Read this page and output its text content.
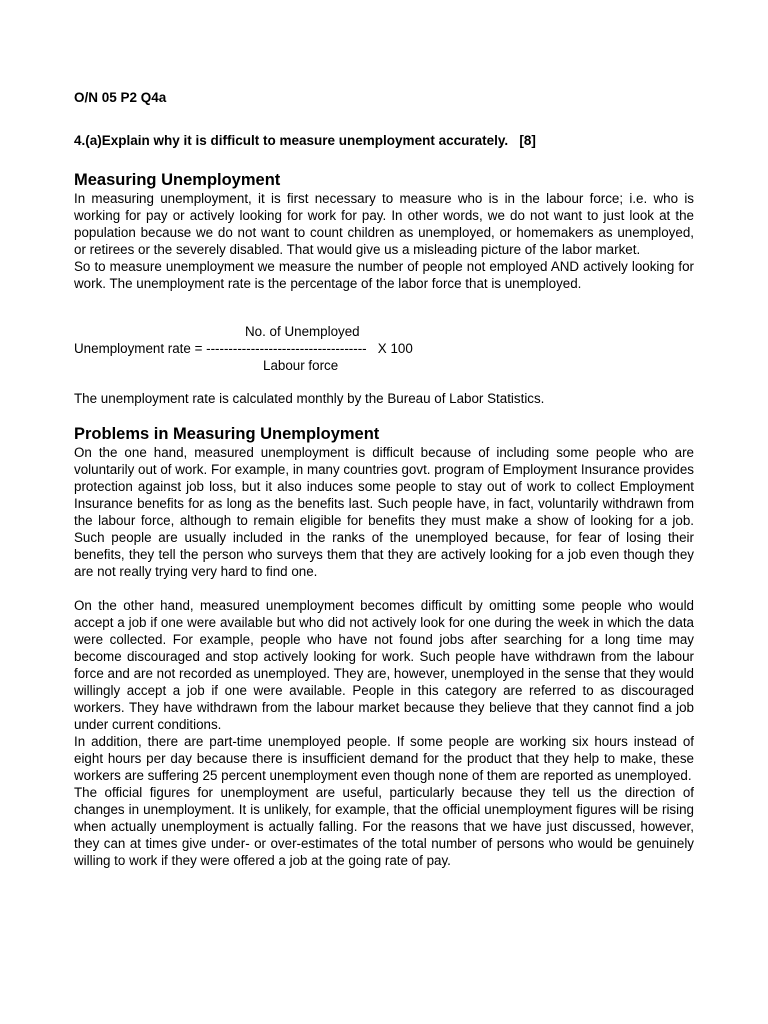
O/N 05 P2 Q4a
4.(a)Explain why it is difficult to measure unemployment accurately.   [8]
Measuring Unemployment

In measuring unemployment, it is first necessary to measure who is in the labour force; i.e. who is working for pay or actively looking for work for pay. In other words, we do not want to just look at the population because we do not want to count children as unemployed, or homemakers as unemployed, or retirees or the severely disabled. That would give us a misleading picture of the labor market.

So to measure unemployment we measure the number of people not employed AND actively looking for work. The unemployment rate is the percentage of the labor force that is unemployed.

No. of Unemployed
Unemployment rate = ------------------------------------   X 100
Labour force
The unemployment rate is calculated monthly by the Bureau of Labor Statistics.
Problems in Measuring Unemployment

On the one hand, measured unemployment is difficult because of including some people who are voluntarily out of work. For example, in many countries govt. program of Employment Insurance provides protection against job loss, but it also induces some people to stay out of work to collect Employment Insurance benefits for as long as the benefits last. Such people have, in fact, voluntarily withdrawn from the labour force, although to remain eligible for benefits they must make a show of looking for a job. Such people are usually included in the ranks of the unemployed because, for fear of losing their benefits, they tell the person who surveys them that they are actively looking for a job even though they are not really trying very hard to find one.

On the other hand, measured unemployment becomes difficult by omitting some people who would accept a job if one were available but who did not actively look for one during the week in which the data were collected. For example, people who have not found jobs after searching for a long time may become discouraged and stop actively looking for work. Such people have withdrawn from the labour force and are not recorded as unemployed. They are, however, unemployed in the sense that they would willingly accept a job if one were available. People in this category are referred to as discouraged workers. They have withdrawn from the labour market because they believe that they cannot find a job under current conditions.

In addition, there are part-time unemployed people. If some people are working six hours instead of eight hours per day because there is insufficient demand for the product that they help to make, these workers are suffering 25 percent unemployment even though none of them are reported as unemployed.

The official figures for unemployment are useful, particularly because they tell us the direction of changes in unemployment. It is unlikely, for example, that the official unemployment figures will be rising when actually unemployment is actually falling. For the reasons that we have just discussed, however, they can at times give under- or over-estimates of the total number of persons who would be genuinely willing to work if they were offered a job at the going rate of pay.
